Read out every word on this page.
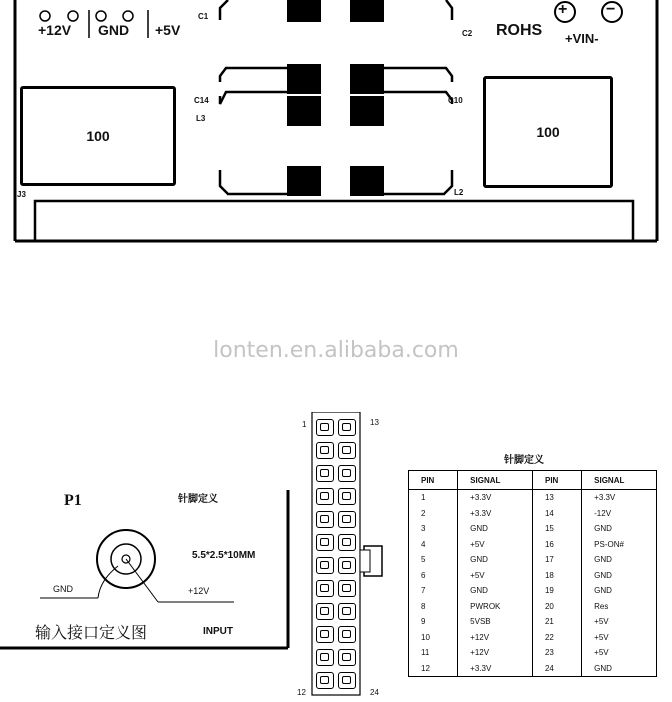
+12V GND +5V
C1
C2
C14	C10
L3
L2
J3
ROHS
+ −
+VIN-
100	100
lonten.en.alibaba.com
P1	针脚定义
5.5*2.5*10MM
GND	+12V
输入接口定义图	INPUT
1	13
12	24
针脚定义
PIN	SIGNAL	PIN	SIGNAL
1	+3.3V	13	+3.3V
2	+3.3V	14	-12V
3	GND	15	GND
4	+5V	16	PS-ON#
5	GND	17	GND
6	+5V	18	GND
7	GND	19	GND
8	PWROK	20	Res
9	5VSB	21	+5V
10	+12V	22	+5V
11	+12V	23	+5V
12	+3.3V	24	GND
